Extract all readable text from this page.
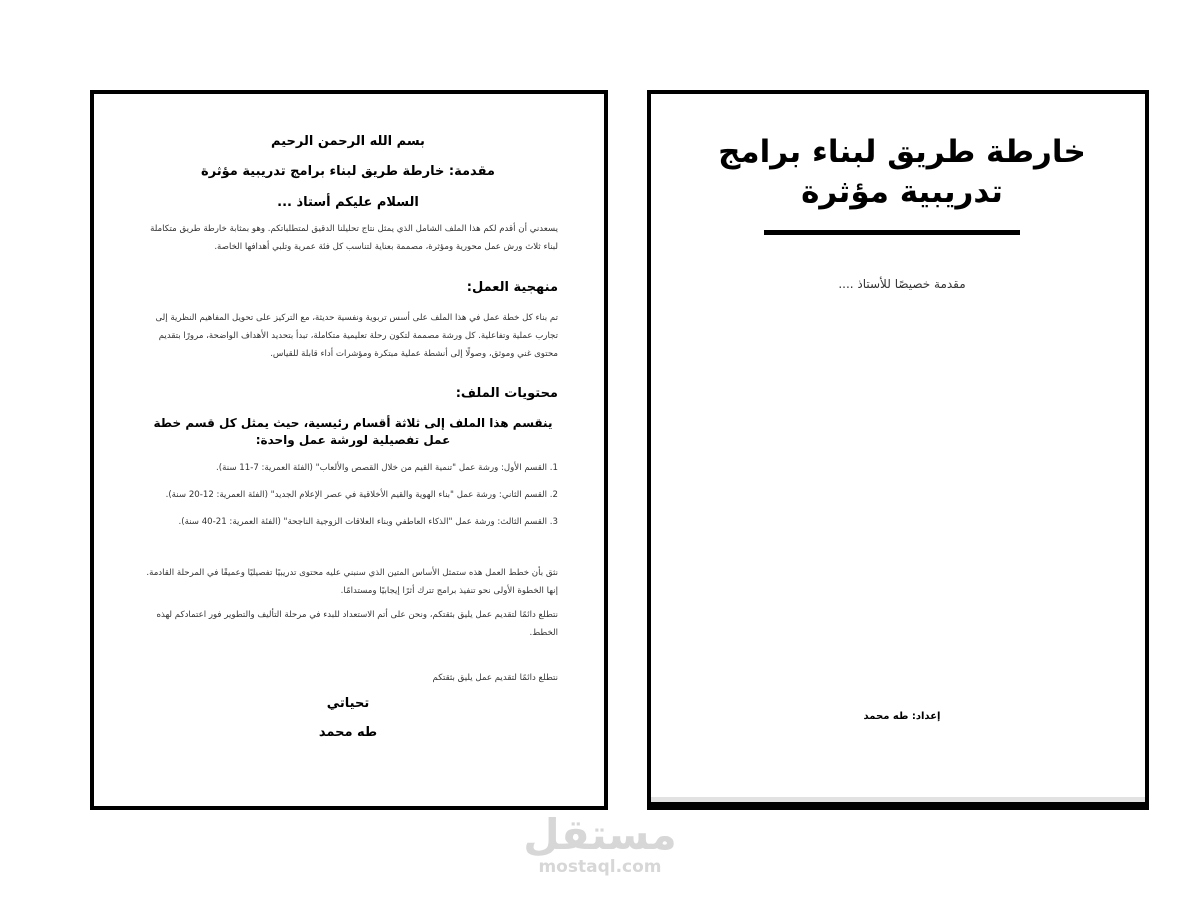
بسم الله الرحمن الرحيم

مقدمة: خارطة طريق لبناء برامج تدريبية مؤثرة

السلام عليكم أستاذ ...

يسعدني أن أقدم لكم هذا الملف الشامل الذي يمثل نتاج تحليلنا الدقيق لمتطلباتكم. وهو بمثابة خارطة طريق متكاملة لبناء ثلاث ورش عمل محورية ومؤثرة، مصممة بعناية لتناسب كل فئة عمرية وتلبي أهدافها الخاصة.

منهجية العمل:

تم بناء كل خطة عمل في هذا الملف على أسس تربوية ونفسية حديثة، مع التركيز على تحويل المفاهيم النظرية إلى تجارب عملية وتفاعلية. كل ورشة مصممة لتكون رحلة تعليمية متكاملة، تبدأ بتحديد الأهداف الواضحة، مرورًا بتقديم محتوى غني وموثق، وصولًا إلى أنشطة عملية مبتكرة ومؤشرات أداء قابلة للقياس.

محتويات الملف:

ينقسم هذا الملف إلى ثلاثة أقسام رئيسية، حيث يمثل كل قسم خطة عمل تفصيلية لورشة عمل واحدة:

1. القسم الأول: ورشة عمل "تنمية القيم من خلال القصص والألعاب" (الفئة العمرية: 7-11 سنة).
2. القسم الثاني: ورشة عمل "بناء الهوية والقيم الأخلاقية في عصر الإعلام الجديد" (الفئة العمرية: 12-20 سنة).
3. القسم الثالث: ورشة عمل "الذكاء العاطفي وبناء العلاقات الزوجية الناجحة" (الفئة العمرية: 21-40 سنة).

نثق بأن خطط العمل هذه ستمثل الأساس المتين الذي سنبني عليه محتوى تدريبيًا تفصيليًا وعميقًا في المرحلة القادمة. إنها الخطوة الأولى نحو تنفيذ برامج تترك أثرًا إيجابيًا ومستدامًا.

نتطلع دائمًا لتقديم عمل يليق بثقتكم، ونحن على أتم الاستعداد للبدء في مرحلة التأليف والتطوير فور اعتمادكم لهذه الخطط.

نتطلع دائمًا لتقديم عمل يليق بثقتكم

تحياتي

طه محمد

خارطة طريق لبناء برامج تدريبية مؤثرة

مقدمة خصيصًا للأستاذ ....

إعداد: طه محمد

مستقل
mostaql.com
